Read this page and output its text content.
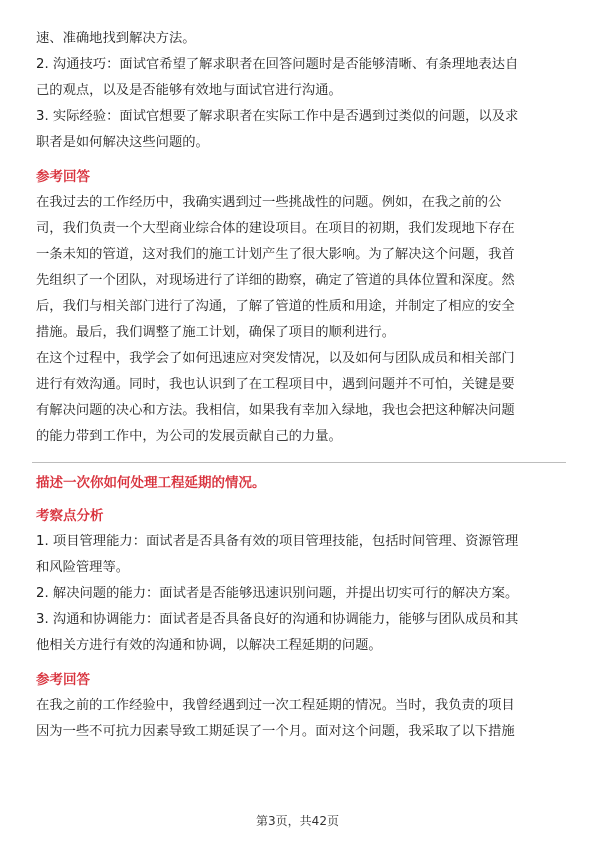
速、准确地找到解决方法。
2. 沟通技巧：面试官希望了解求职者在回答问题时是否能够清晰、有条理地表达自
己的观点，以及是否能够有效地与面试官进行沟通。
3. 实际经验：面试官想要了解求职者在实际工作中是否遇到过类似的问题，以及求
职者是如何解决这些问题的。
参考回答
在我过去的工作经历中，我确实遇到过一些挑战性的问题。例如，在我之前的公
司，我们负责一个大型商业综合体的建设项目。在项目的初期，我们发现地下存在
一条未知的管道，这对我们的施工计划产生了很大影响。为了解决这个问题，我首
先组织了一个团队，对现场进行了详细的勘察，确定了管道的具体位置和深度。然
后，我们与相关部门进行了沟通，了解了管道的性质和用途，并制定了相应的安全
措施。最后，我们调整了施工计划，确保了项目的顺利进行。
在这个过程中，我学会了如何迅速应对突发情况，以及如何与团队成员和相关部门
进行有效沟通。同时，我也认识到了在工程项目中，遇到问题并不可怕，关键是要
有解决问题的决心和方法。我相信，如果我有幸加入绿地，我也会把这种解决问题
的能力带到工作中，为公司的发展贡献自己的力量。
描述一次你如何处理工程延期的情况。
考察点分析
1. 项目管理能力：面试者是否具备有效的项目管理技能，包括时间管理、资源管理
和风险管理等。
2. 解决问题的能力：面试者是否能够迅速识别问题，并提出切实可行的解决方案。
3. 沟通和协调能力：面试者是否具备良好的沟通和协调能力，能够与团队成员和其
他相关方进行有效的沟通和协调，以解决工程延期的问题。
参考回答
在我之前的工作经验中，我曾经遇到过一次工程延期的情况。当时，我负责的项目
因为一些不可抗力因素导致工期延误了一个月。面对这个问题，我采取了以下措施
第3页，共42页
